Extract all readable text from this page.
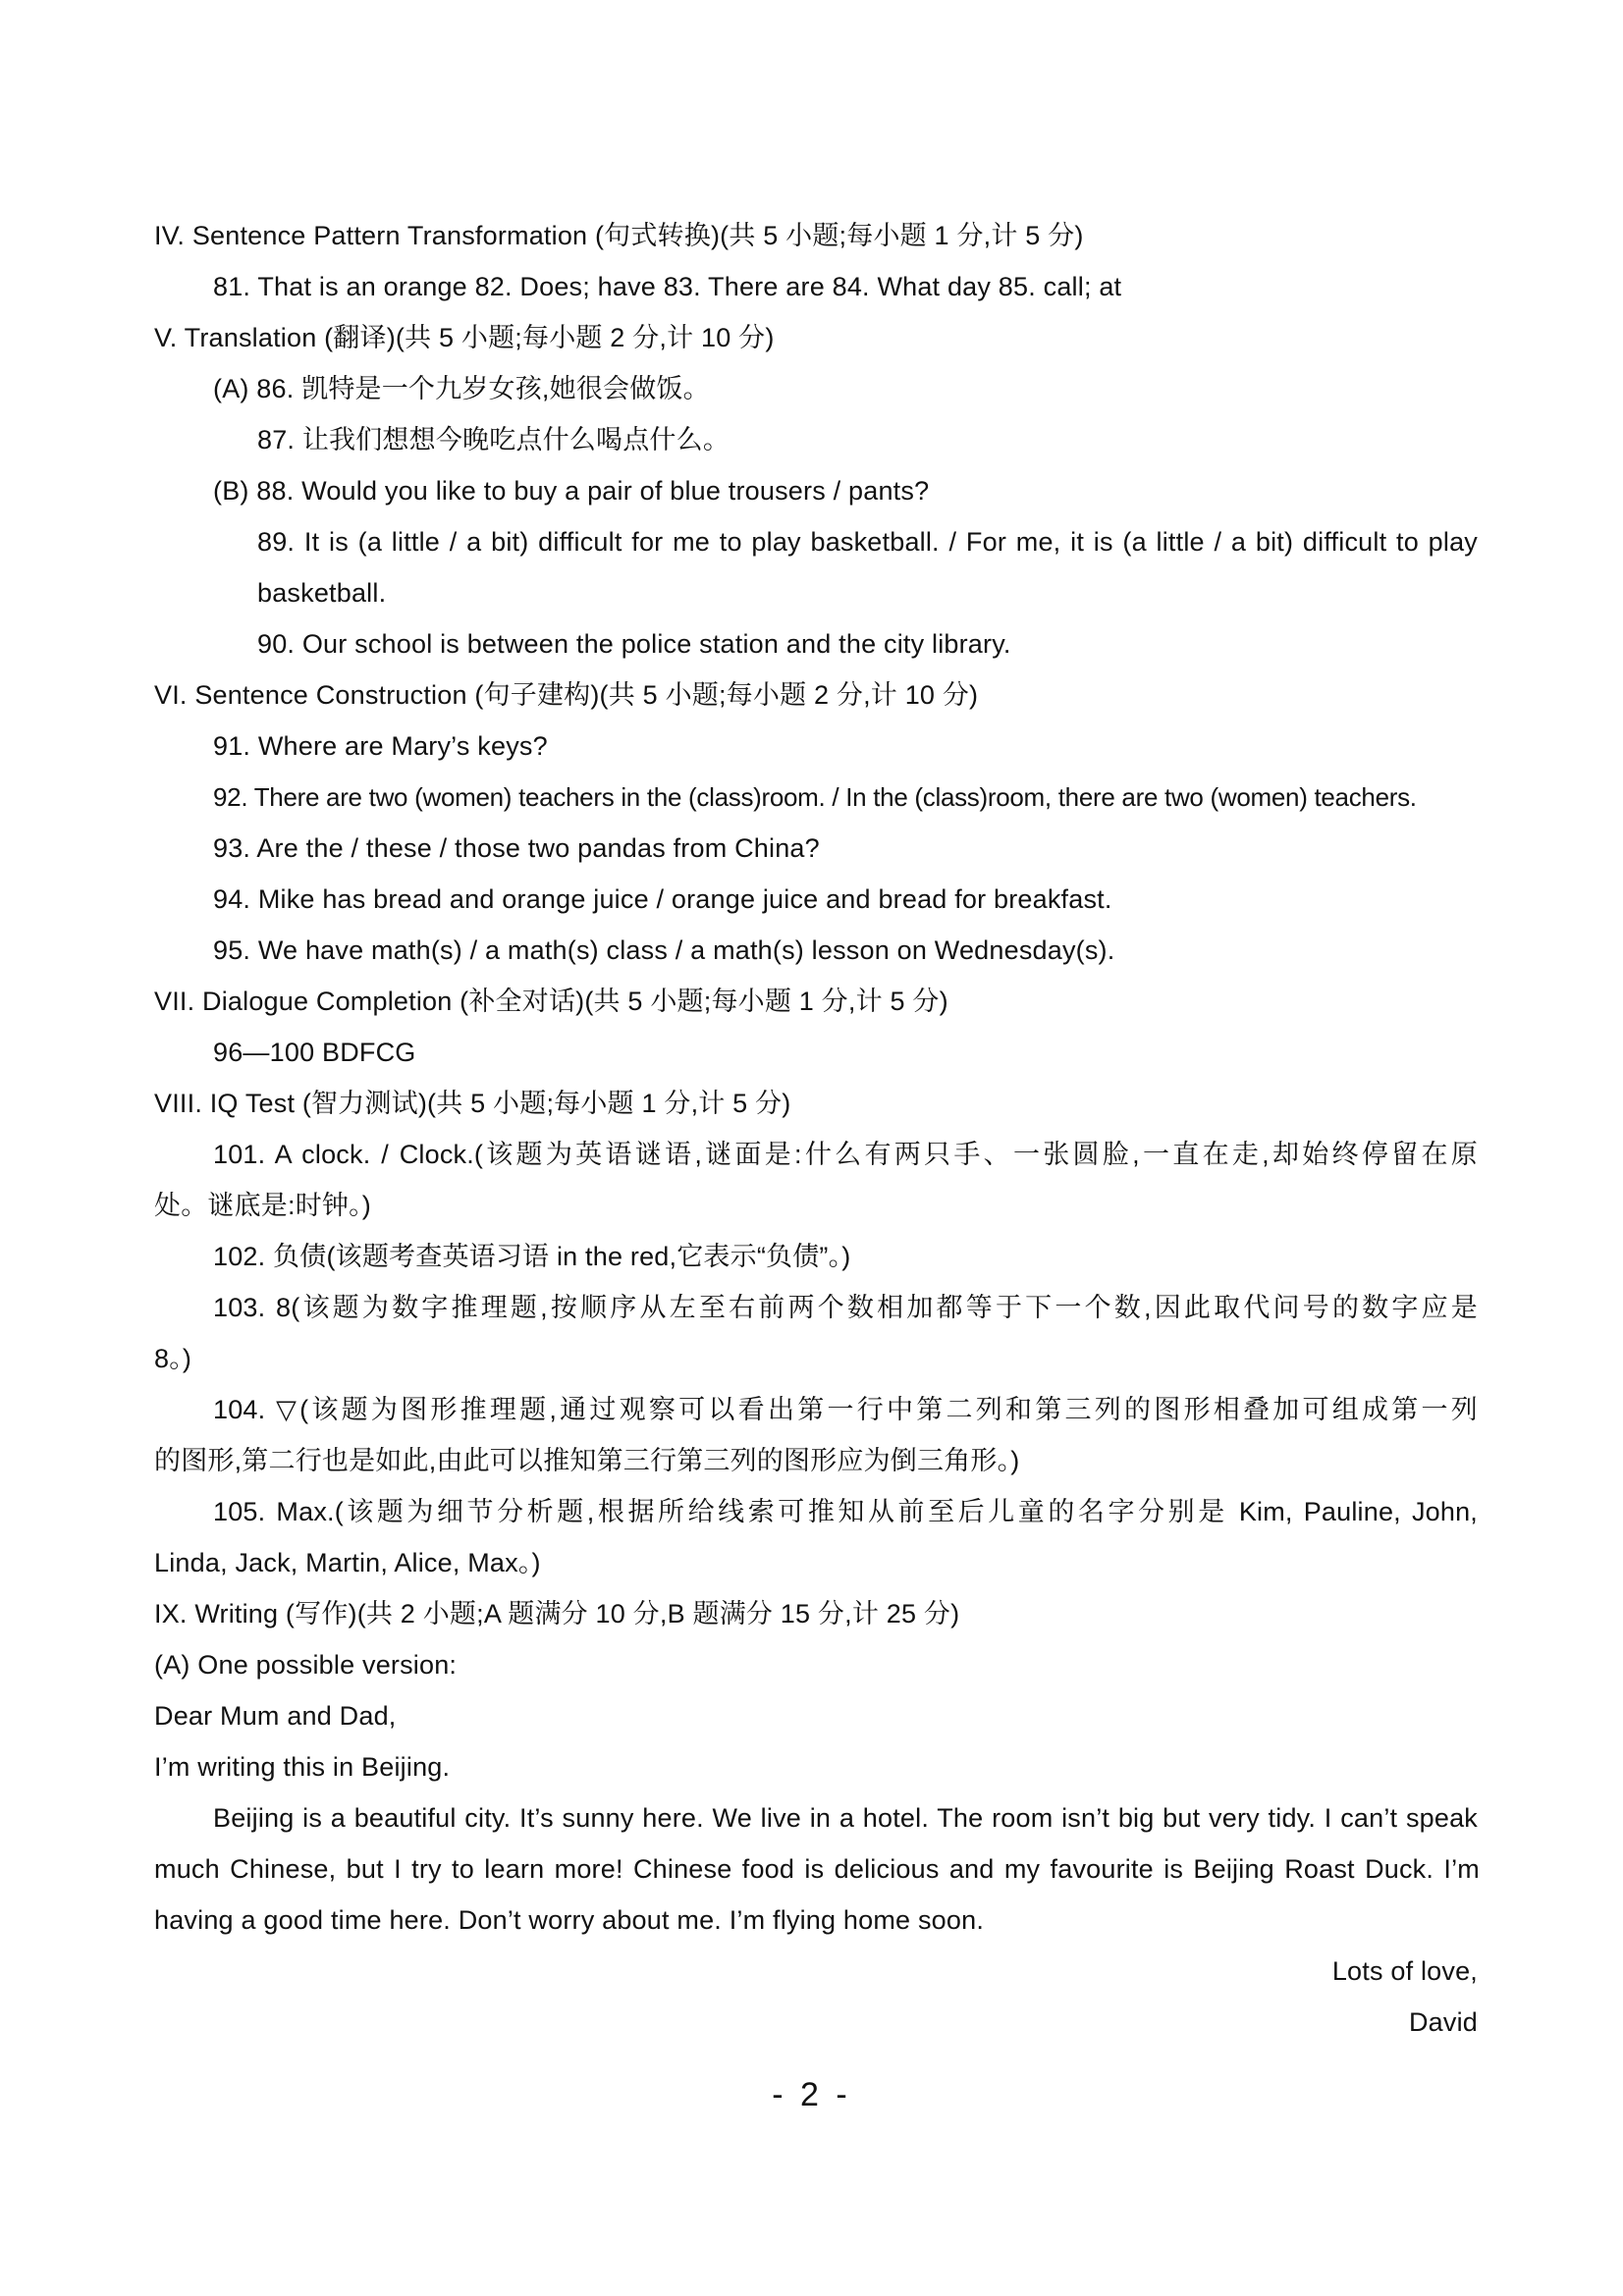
IV. Sentence Pattern Transformation (句式转换)(共 5 小题;每小题 1 分,计 5 分)
81. That is an orange 82. Does; have 83. There are 84. What day 85. call; at
V. Translation (翻译)(共 5 小题;每小题 2 分,计 10 分)
(A) 86. 凯特是一个九岁女孩,她很会做饭。
87. 让我们想想今晚吃点什么喝点什么。
(B) 88. Would you like to buy a pair of blue trousers / pants?
89. It is (a little / a bit) difficult for me to play basketball. / For me, it is (a little / a bit) difficult to play
basketball.
90. Our school is between the police station and the city library.
VI. Sentence Construction (句子建构)(共 5 小题;每小题 2 分,计 10 分)
91. Where are Mary’s keys?
92. There are two (women) teachers in the (class)room. / In the (class)room, there are two (women) teachers.
93. Are the / these / those two pandas from China?
94. Mike has bread and orange juice / orange juice and bread for breakfast.
95. We have math(s) / a math(s) class / a math(s) lesson on Wednesday(s).
VII. Dialogue Completion (补全对话)(共 5 小题;每小题 1 分,计 5 分)
96—100 BDFCG
VIII. IQ Test (智力测试)(共 5 小题;每小题 1 分,计 5 分)
101. A clock. / Clock.(该题为英语谜语,谜面是:什么有两只手、一张圆脸,一直在走,却始终停留在原
处。谜底是:时钟。)
102. 负债(该题考查英语习语 in the red,它表示“负债”。)
103. 8(该题为数字推理题,按顺序从左至右前两个数相加都等于下一个数,因此取代问号的数字应是
8。)
104. ▽(该题为图形推理题,通过观察可以看出第一行中第二列和第三列的图形相叠加可组成第一列
的图形,第二行也是如此,由此可以推知第三行第三列的图形应为倒三角形。)
105. Max.(该题为细节分析题,根据所给线索可推知从前至后儿童的名字分别是 Kim, Pauline, John,
Linda, Jack, Martin, Alice, Max。)
IX. Writing (写作)(共 2 小题;A 题满分 10 分,B 题满分 15 分,计 25 分)
(A) One possible version:
Dear Mum and Dad,
I’m writing this in Beijing.
Beijing is a beautiful city. It’s sunny here. We live in a hotel. The room isn’t big but very tidy. I can’t speak
much Chinese, but I try to learn more! Chinese food is delicious and my favourite is Beijing Roast Duck. I’m
having a good time here. Don’t worry about me. I’m flying home soon.
Lots of love,
David
- 2 -
